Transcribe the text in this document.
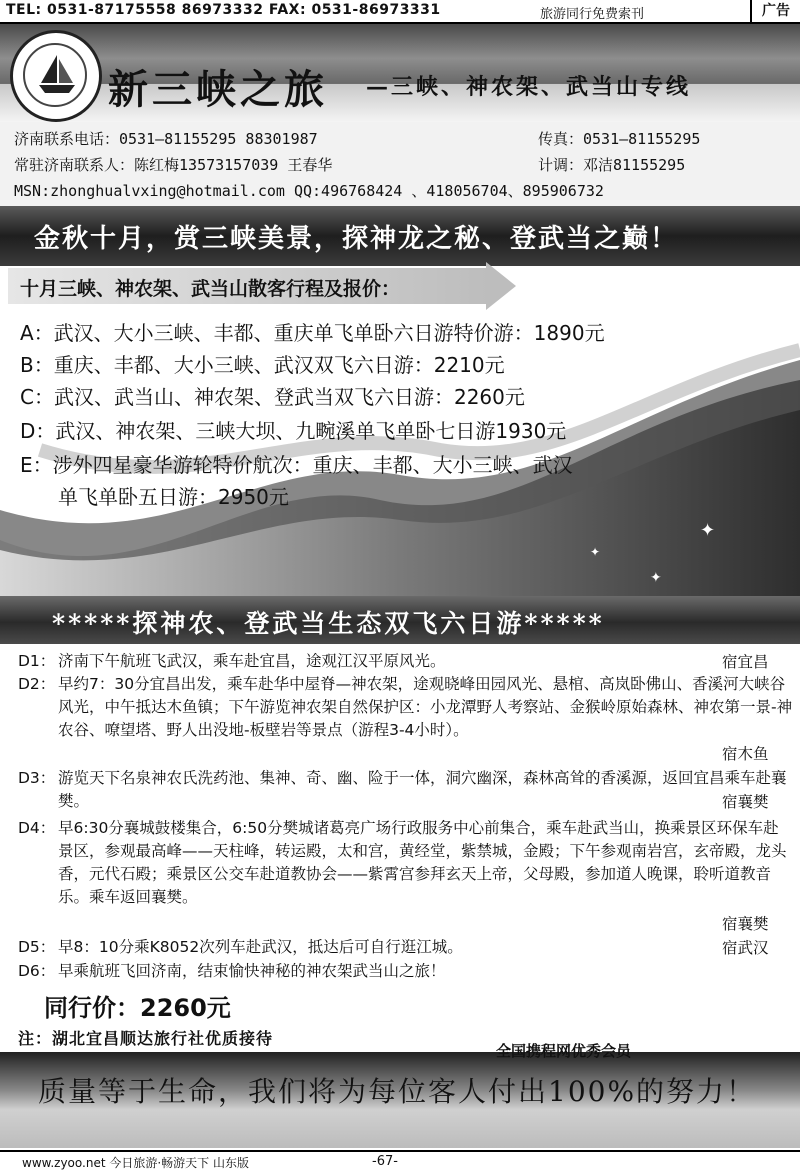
TEL: 0531-87175558 86973332 FAX: 0531-86973331	旅游同行免费索刊	广告
新三峡之旅 —三峡、神农架、武当山专线
济南联系电话：0531—81155295 88301987	传真：0531—81155295
常驻济南联系人：陈红梅13573157039 王春华	计调：邓洁81155295
MSN:zhonghualvxing@hotmail.com QQ:496768424 、418056704、895906732
金秋十月，赏三峡美景，探神龙之秘、登武当之巅！
✦
✦
✦
十月三峡、神农架、武当山散客行程及报价：
A：武汉、大小三峡、丰都、重庆单飞单卧六日游特价游：1890元
B：重庆、丰都、大小三峡、武汉双飞六日游：2210元
C：武汉、武当山、神农架、登武当双飞六日游：2260元
D：武汉、神农架、三峡大坝、九畹溪单飞单卧七日游1930元
E：涉外四星豪华游轮特价航次：重庆、丰都、大小三峡、武汉
单飞单卧五日游：2950元
*****探神农、登武当生态双飞六日游*****
D1： 济南下午航班飞武汉，乘车赴宜昌，途观江汉平原风光。	宿宜昌
D2： 早约7：30分宜昌出发，乘车赴华中屋脊—神农架，途观晓峰田园风光、悬棺、高岚卧佛山、香溪河大峡谷风光，中午抵达木鱼镇；下午游览神农架自然保护区：小龙潭野人考察站、金猴岭原始森林、神农第一景-神农谷、嘹望塔、野人出没地-板壁岩等景点（游程3-4小时）。
宿木鱼
D3： 游览天下名泉神农氏洗药池、集神、奇、幽、险于一体，洞穴幽深，森林高耸的香溪源，返回宜昌乘车赴襄樊。	宿襄樊
D4： 早6:30分襄城鼓楼集合，6:50分樊城诸葛亮广场行政服务中心前集合，乘车赴武当山，换乘景区环保车赴景区，参观最高峰——天柱峰，转运殿，太和宫，黄经堂，紫禁城，金殿；下午参观南岩宫，玄帝殿，龙头香，元代石殿；乘景区公交车赴道教协会——紫霄宫参拜玄天上帝，父母殿，参加道人晚课，聆听道教音乐。乘车返回襄樊。
宿襄樊
D5： 早8：10分乘K8052次列车赴武汉，抵达后可自行逛江城。	宿武汉
D6： 早乘航班飞回济南，结束愉快神秘的神农架武当山之旅！
同行价：2260元
注：湖北宜昌顺达旅行社优质接待
全国携程网优秀会员
质量等于生命，我们将为每位客人付出100%的努力！
www.zyoo.net 今日旅游·畅游天下 山东版	-67-
